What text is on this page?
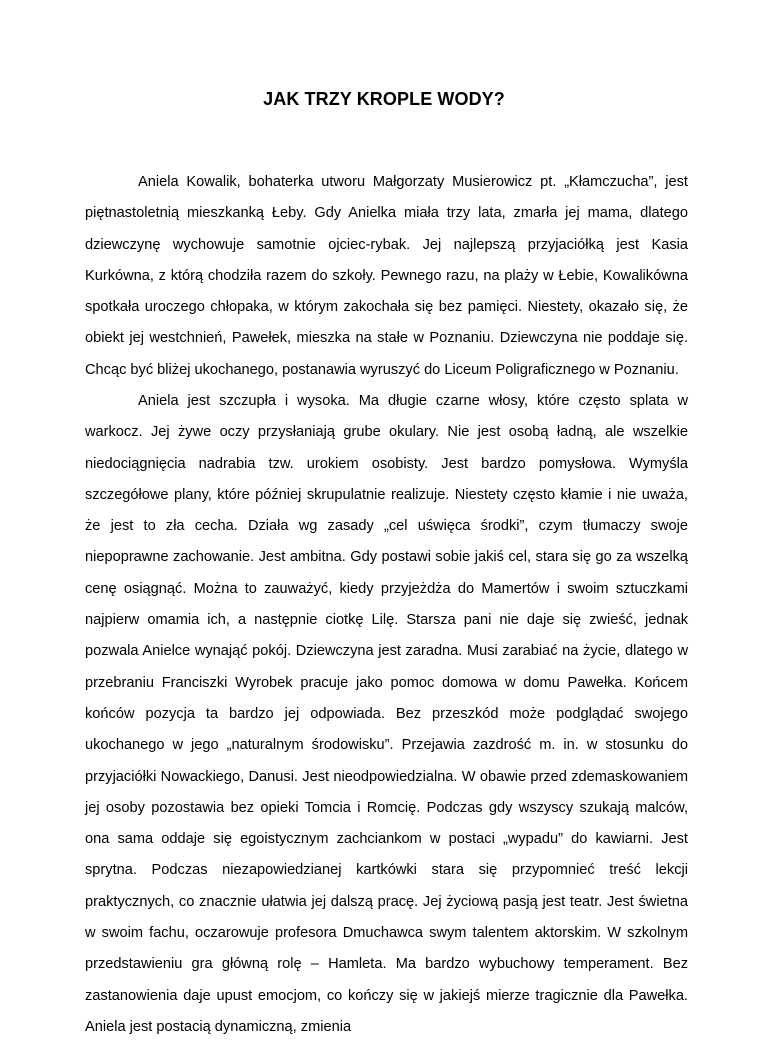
JAK TRZY KROPLE WODY?

Aniela Kowalik, bohaterka utworu Małgorzaty Musierowicz pt. „Kłamczucha”, jest piętnastoletnią mieszkanką Łeby. Gdy Anielka miała trzy lata, zmarła jej mama, dlatego dziewczynę wychowuje samotnie ojciec-rybak. Jej najlepszą przyjaciółką jest Kasia Kurkówna, z którą chodziła razem do szkoły. Pewnego razu, na plaży w Łebie, Kowalikówna spotkała uroczego chłopaka, w którym zakochała się bez pamięci. Niestety, okazało się, że obiekt jej westchnień, Pawełek, mieszka na stałe w Poznaniu. Dziewczyna nie poddaje się. Chcąc być bliżej ukochanego, postanawia wyruszyć do Liceum Poligraficznego w Poznaniu.

Aniela jest szczupła i wysoka. Ma długie czarne włosy, które często splata w warkocz. Jej żywe oczy przysłaniają grube okulary. Nie jest osobą ładną, ale wszelkie niedociągnięcia nadrabia tzw. urokiem osobisty. Jest bardzo pomysłowa. Wymyśla szczegółowe plany, które później skrupulatnie realizuje. Niestety często kłamie i nie uważa, że jest to zła cecha. Działa wg zasady „cel uświęca środki”, czym tłumaczy swoje niepoprawne zachowanie. Jest ambitna. Gdy postawi sobie jakiś cel, stara się go za wszelką cenę osiągnąć. Można to zauważyć, kiedy przyjeżdża do Mamertów i swoim sztuczkami najpierw omamia ich, a następnie ciotkę Lilę. Starsza pani nie daje się zwieść, jednak pozwala Anielce wynająć pokój. Dziewczyna jest zaradna. Musi zarabiać na życie, dlatego w przebraniu Franciszki Wyrobek pracuje jako pomoc domowa w domu Pawełka. Końcem końców pozycja ta bardzo jej odpowiada. Bez przeszkód może podglądać swojego ukochanego w jego „naturalnym środowisku”. Przejawia zazdrość m. in. w stosunku do przyjaciółki Nowackiego, Danusi. Jest nieodpowiedzialna. W obawie przed zdemaskowaniem jej osoby pozostawia bez opieki Tomcia i Romcię. Podczas gdy wszyscy szukają malców, ona sama oddaje się egoistycznym zachciankom w postaci „wypadu” do kawiarni. Jest sprytna. Podczas niezapowiedzianej kartkówki stara się przypomnieć treść lekcji praktycznych, co znacznie ułatwia jej dalszą pracę. Jej życiową pasją jest teatr. Jest świetna w swoim fachu, oczarowuje profesora Dmuchawca swym talentem aktorskim. W szkolnym przedstawieniu gra główną rolę – Hamleta. Ma bardzo wybuchowy temperament. Bez zastanowienia daje upust emocjom, co kończy się w jakiejś mierze tragicznie dla Pawełka. Aniela jest postacią dynamiczną, zmienia
